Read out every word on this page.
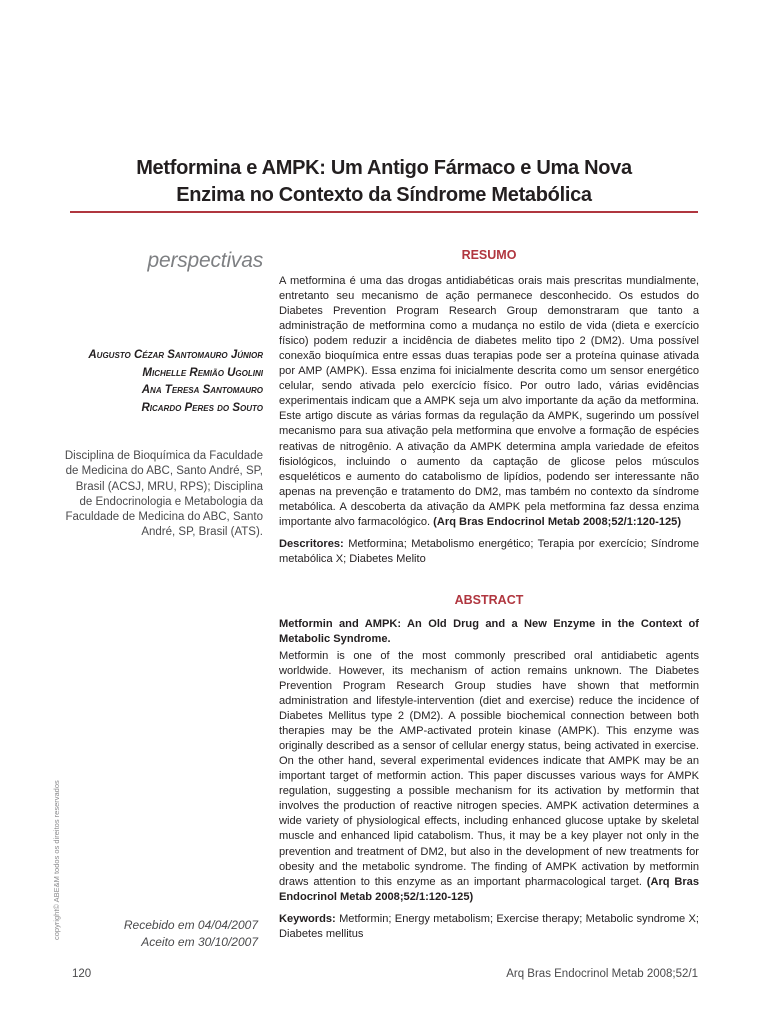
Metformina e AMPK: Um Antigo Fármaco e Uma Nova
Enzima no Contexto da Síndrome Metabólica
perspectivas
Augusto Cézar Santomauro Júnior
Michelle Remião Ugolini
Ana Teresa Santomauro
Ricardo Peres do Souto
Disciplina de Bioquímica da Faculdade de Medicina do ABC, Santo André, SP, Brasil (ACSJ, MRU, RPS); Disciplina de Endocrinologia e Metabologia da Faculdade de Medicina do ABC, Santo André, SP, Brasil (ATS).
Recebido em 04/04/2007
Aceito em 30/10/2007
copyright© ABE&M todos os direitos reservados
RESUMO

A metformina é uma das drogas antidiabéticas orais mais prescritas mundialmente, entretanto seu mecanismo de ação permanece desconhecido. Os estudos do Diabetes Prevention Program Research Group demonstraram que tanto a administração de metformina como a mudança no estilo de vida (dieta e exercício físico) podem reduzir a incidência de diabetes melito tipo 2 (DM2). Uma possível conexão bioquímica entre essas duas terapias pode ser a proteína quinase ativada por AMP (AMPK). Essa enzima foi inicialmente descrita como um sensor energético celular, sendo ativada pelo exercício físico. Por outro lado, várias evidências experimentais indicam que a AMPK seja um alvo importante da ação da metformina. Este artigo discute as várias formas da regulação da AMPK, sugerindo um possível mecanismo para sua ativação pela metformina que envolve a formação de espécies reativas de nitrogênio. A ativação da AMPK determina ampla variedade de efeitos fisiológicos, incluindo o aumento da captação de glicose pelos músculos esqueléticos e aumento do catabolismo de lipídios, podendo ser interessante não apenas na prevenção e tratamento do DM2, mas também no contexto da síndrome metabólica. A descoberta da ativação da AMPK pela metformina faz dessa enzima importante alvo farmacológico. (Arq Bras Endocrinol Metab 2008;52/1:120-125)

Descritores: Metformina; Metabolismo energético; Terapia por exercício; Síndrome metabólica X; Diabetes Melito

ABSTRACT

Metformin and AMPK: An Old Drug and a New Enzyme in the Context of Metabolic Syndrome.

Metformin is one of the most commonly prescribed oral antidiabetic agents worldwide. However, its mechanism of action remains unknown. The Diabetes Prevention Program Research Group studies have shown that metformin administration and lifestyle-intervention (diet and exercise) reduce the incidence of Diabetes Mellitus type 2 (DM2). A possible biochemical connection between both therapies may be the AMP-activated protein kinase (AMPK). This enzyme was originally described as a sensor of cellular energy status, being activated in exercise. On the other hand, several experimental evidences indicate that AMPK may be an important target of metformin action. This paper discusses various ways for AMPK regulation, suggesting a possible mechanism for its activation by metformin that involves the production of reactive nitrogen species. AMPK activation determines a wide variety of physiological effects, including enhanced glucose uptake by skeletal muscle and enhanced lipid catabolism. Thus, it may be a key player not only in the prevention and treatment of DM2, but also in the development of new treatments for obesity and the metabolic syndrome. The finding of AMPK activation by metformin draws attention to this enzyme as an important pharmacological target. (Arq Bras Endocrinol Metab 2008;52/1:120-125)

Keywords: Metformin; Energy metabolism; Exercise therapy; Metabolic syndrome X; Diabetes mellitus

120	Arq Bras Endocrinol Metab 2008;52/1
